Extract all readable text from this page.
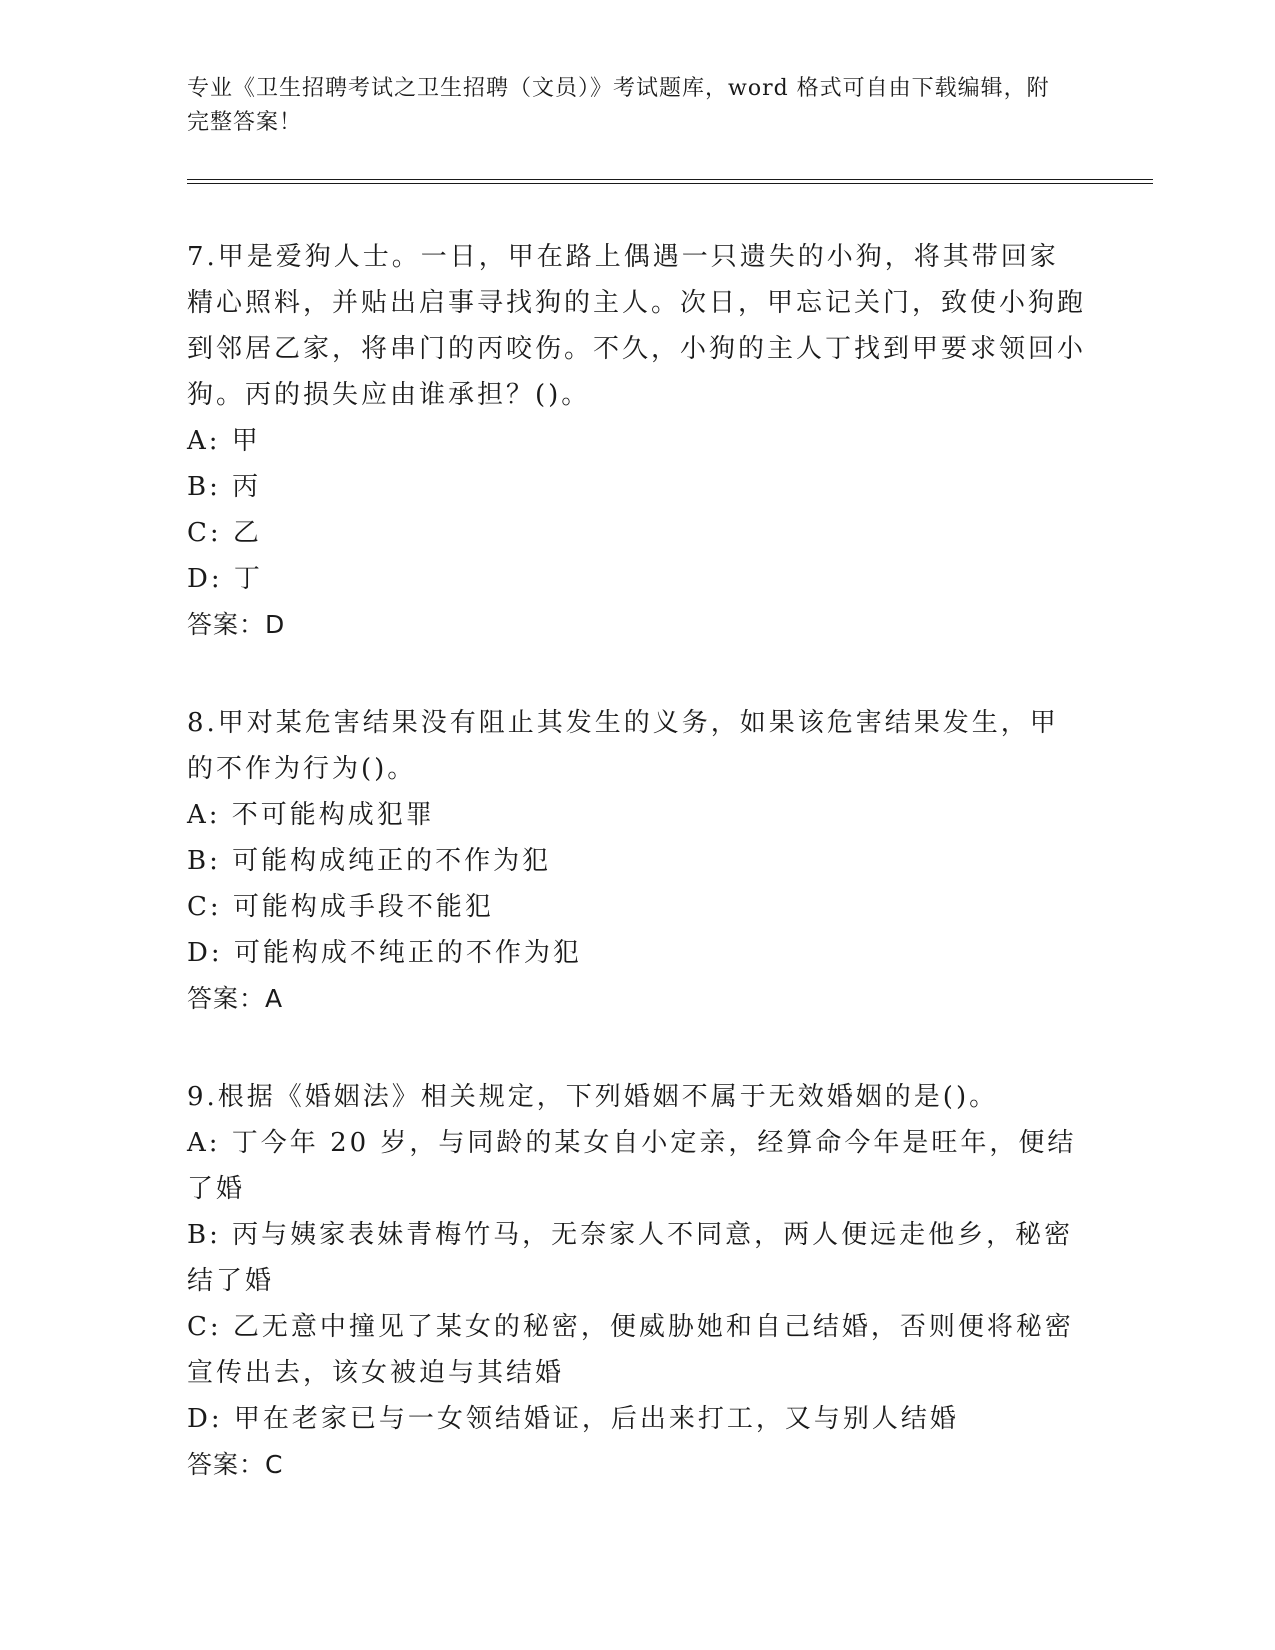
专业《卫生招聘考试之卫生招聘（文员）》考试题库，word 格式可自由下载编辑，附完整答案！

7.甲是爱狗人士。一日，甲在路上偶遇一只遗失的小狗，将其带回家精心照料，并贴出启事寻找狗的主人。次日，甲忘记关门，致使小狗跑到邻居乙家，将串门的丙咬伤。不久，小狗的主人丁找到甲要求领回小狗。丙的损失应由谁承担？()。

A: 甲

B: 丙

C: 乙

D: 丁

答案：D

8.甲对某危害结果没有阻止其发生的义务，如果该危害结果发生，甲的不作为行为()。

A: 不可能构成犯罪

B: 可能构成纯正的不作为犯

C: 可能构成手段不能犯

D: 可能构成不纯正的不作为犯

答案：A

9.根据《婚姻法》相关规定，下列婚姻不属于无效婚姻的是()。

A: 丁今年 20 岁，与同龄的某女自小定亲，经算命今年是旺年，便结了婚

B: 丙与姨家表妹青梅竹马，无奈家人不同意，两人便远走他乡，秘密结了婚

C: 乙无意中撞见了某女的秘密，便威胁她和自己结婚，否则便将秘密宣传出去，该女被迫与其结婚

D: 甲在老家已与一女领结婚证，后出来打工，又与别人结婚

答案：C
